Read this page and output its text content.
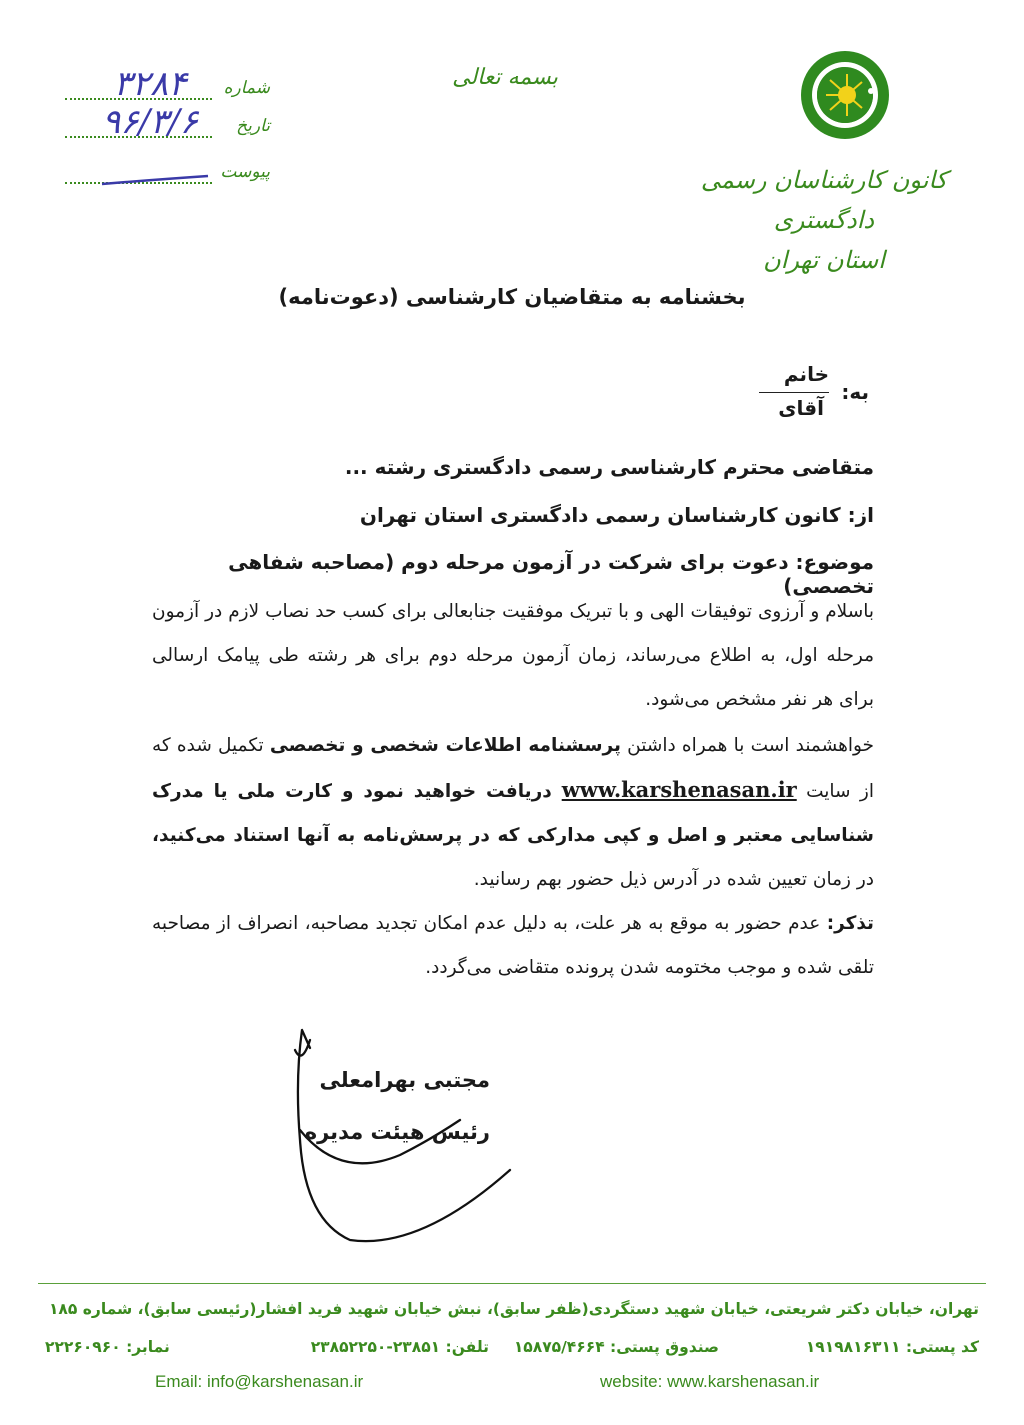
کانون کارشناسان رسمی دادگستری
استان تهران
بسمه تعالی
شماره
۳۲۸۴
تاریخ
۹۶/۳/۶
پیوست
بخشنامه به متقاضیان کارشناسی (دعوت‌نامه)
به:
خانم
آقای
متقاضی محترم کارشناسی رسمی دادگستری رشته ...
از: کانون کارشناسان رسمی دادگستری استان تهران
موضوع: دعوت برای شرکت در آزمون مرحله دوم (مصاحبه شفاهی تخصصی)

باسلام و آرزوی توفیقات الهی و با تبریک موفقیت جنابعالی برای کسب حد نصاب لازم در آزمون مرحله اول، به اطلاع می‌رساند، زمان آزمون مرحله دوم برای هر رشته طی پیامک ارسالی برای هر نفر مشخص می‌شود.

خواهشمند است با همراه داشتن پرسشنامه اطلاعات شخصی و تخصصی تکمیل شده که از سایت www.karshenasan.ir دریافت خواهید نمود و کارت ملی یا مدرک شناسایی معتبر و اصل و کپی مدارکی که در پرسش‌نامه به آنها استناد می‌کنید، در زمان تعیین شده در آدرس ذیل حضور بهم رسانید.

تذکر: عدم حضور به موقع به هر علت، به دلیل عدم امکان تجدید مصاحبه، انصراف از مصاحبه تلقی شده و موجب مختومه شدن پرونده متقاضی می‌گردد.

مجتبی بهرامعلی
رئیس هیئت مدیره
تهران، خیابان دکتر شریعتی، خیابان شهید دستگردی(ظفر سابق)، نبش خیابان شهید فرید افشار(رئیسی سابق)، شماره ۱۸۵
کد پستی: ۱۹۱۹۸۱۶۳۱۱
صندوق پستی: ۱۵۸۷۵/۴۶۶۴
تلفن: ۲۳۸۵۱-۲۳۸۵۲۲۵۰
نمابر: ۲۲۲۶۰۹۶۰
Email: info@karshenasan.ir	website: www.karshenasan.ir
